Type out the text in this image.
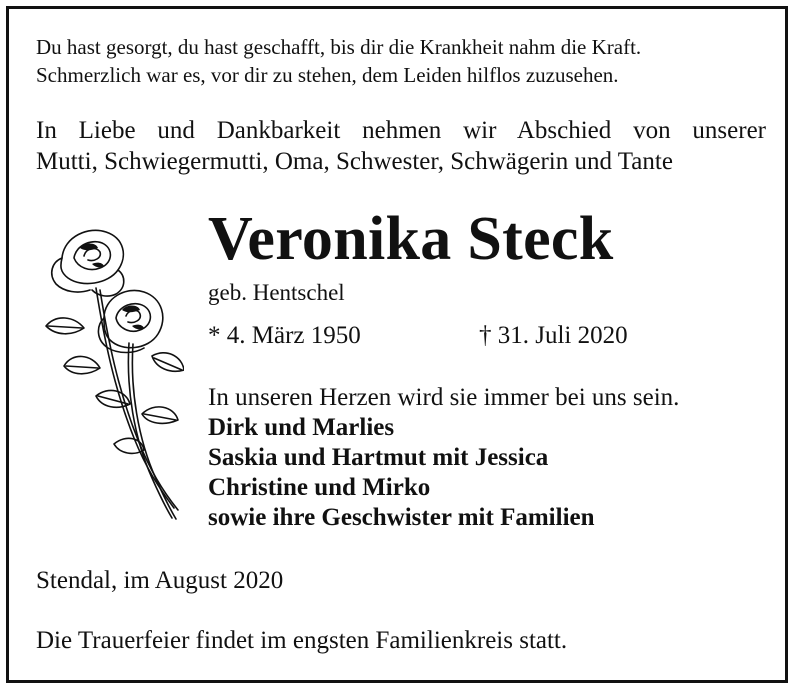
Du hast gesorgt, du hast geschafft, bis dir die Krankheit nahm die Kraft.
Schmerzlich war es, vor dir zu stehen, dem Leiden hilflos zuzusehen.
In Liebe und Dankbarkeit nehmen wir Abschied von unserer
Mutti, Schwiegermutti, Oma, Schwester, Schwägerin und Tante
Veronika Steck
geb. Hentschel
* 4. März 1950	† 31. Juli 2020
In unseren Herzen wird sie immer bei uns sein.
Dirk und Marlies
Saskia und Hartmut mit Jessica
Christine und Mirko
sowie ihre Geschwister mit Familien
Stendal, im August 2020
Die Trauerfeier findet im engsten Familienkreis statt.
